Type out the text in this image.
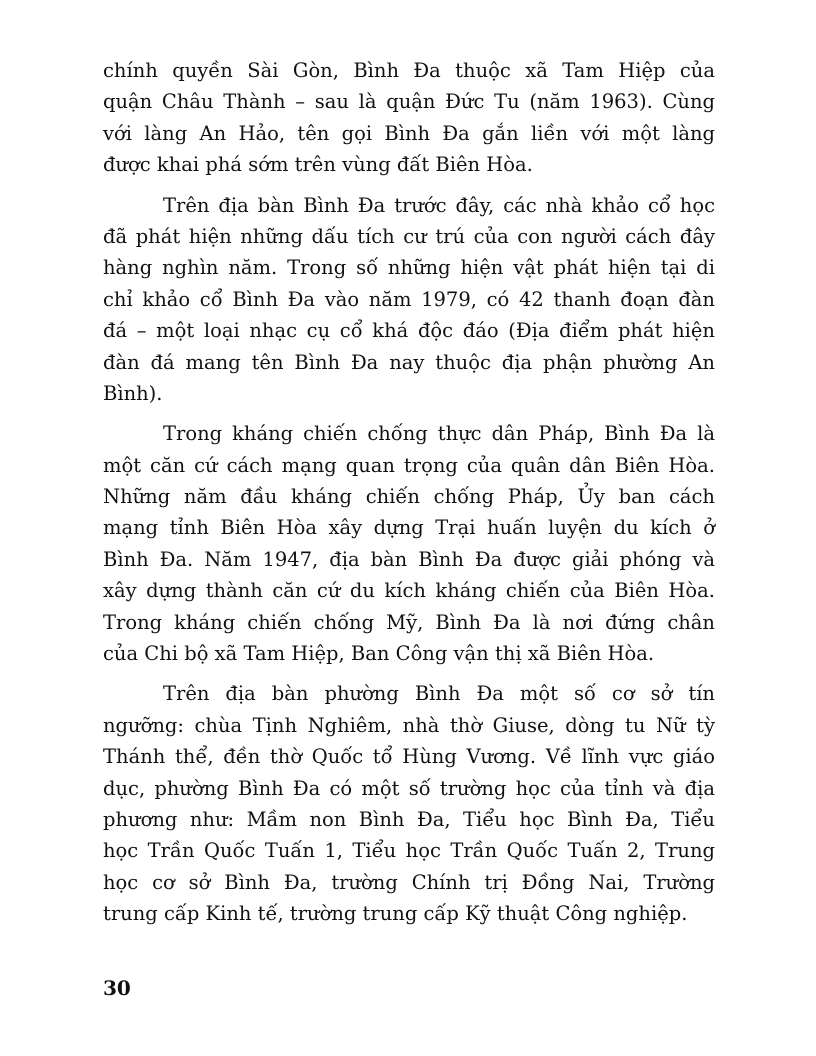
chính quyền Sài Gòn, Bình Đa thuộc xã Tam Hiệp của
quận Châu Thành – sau là quận Đức Tu (năm 1963). Cùng
với làng An Hảo, tên gọi Bình Đa gắn liền với một làng
được khai phá sớm trên vùng đất Biên Hòa.

Trên địa bàn Bình Đa trước đây, các nhà khảo cổ học
đã phát hiện những dấu tích cư trú của con người cách đây
hàng nghìn năm. Trong số những hiện vật phát hiện tại di
chỉ khảo cổ Bình Đa vào năm 1979, có 42 thanh đoạn đàn
đá – một loại nhạc cụ cổ khá độc đáo (Địa điểm phát hiện
đàn đá mang tên Bình Đa nay thuộc địa phận phường An
Bình).

Trong kháng chiến chống thực dân Pháp, Bình Đa là
một căn cứ cách mạng quan trọng của quân dân Biên Hòa.
Những năm đầu kháng chiến chống Pháp, Ủy ban cách
mạng tỉnh Biên Hòa xây dựng Trại huấn luyện du kích ở
Bình Đa. Năm 1947, địa bàn Bình Đa được giải phóng và
xây dựng thành căn cứ du kích kháng chiến của Biên Hòa.
Trong kháng chiến chống Mỹ, Bình Đa là nơi đứng chân
của Chi bộ xã Tam Hiệp, Ban Công vận thị xã Biên Hòa.

Trên địa bàn phường Bình Đa một số cơ sở tín
ngưỡng: chùa Tịnh Nghiêm, nhà thờ Giuse, dòng tu Nữ tỳ
Thánh thể, đền thờ Quốc tổ Hùng Vương. Về lĩnh vực giáo
dục, phường Bình Đa có một số trường học của tỉnh và địa
phương như: Mầm non Bình Đa, Tiểu học Bình Đa, Tiểu
học Trần Quốc Tuấn 1, Tiểu học Trần Quốc Tuấn 2, Trung
học cơ sở Bình Đa, trường Chính trị Đồng Nai, Trường
trung cấp Kinh tế, trường trung cấp Kỹ thuật Công nghiệp.

30
